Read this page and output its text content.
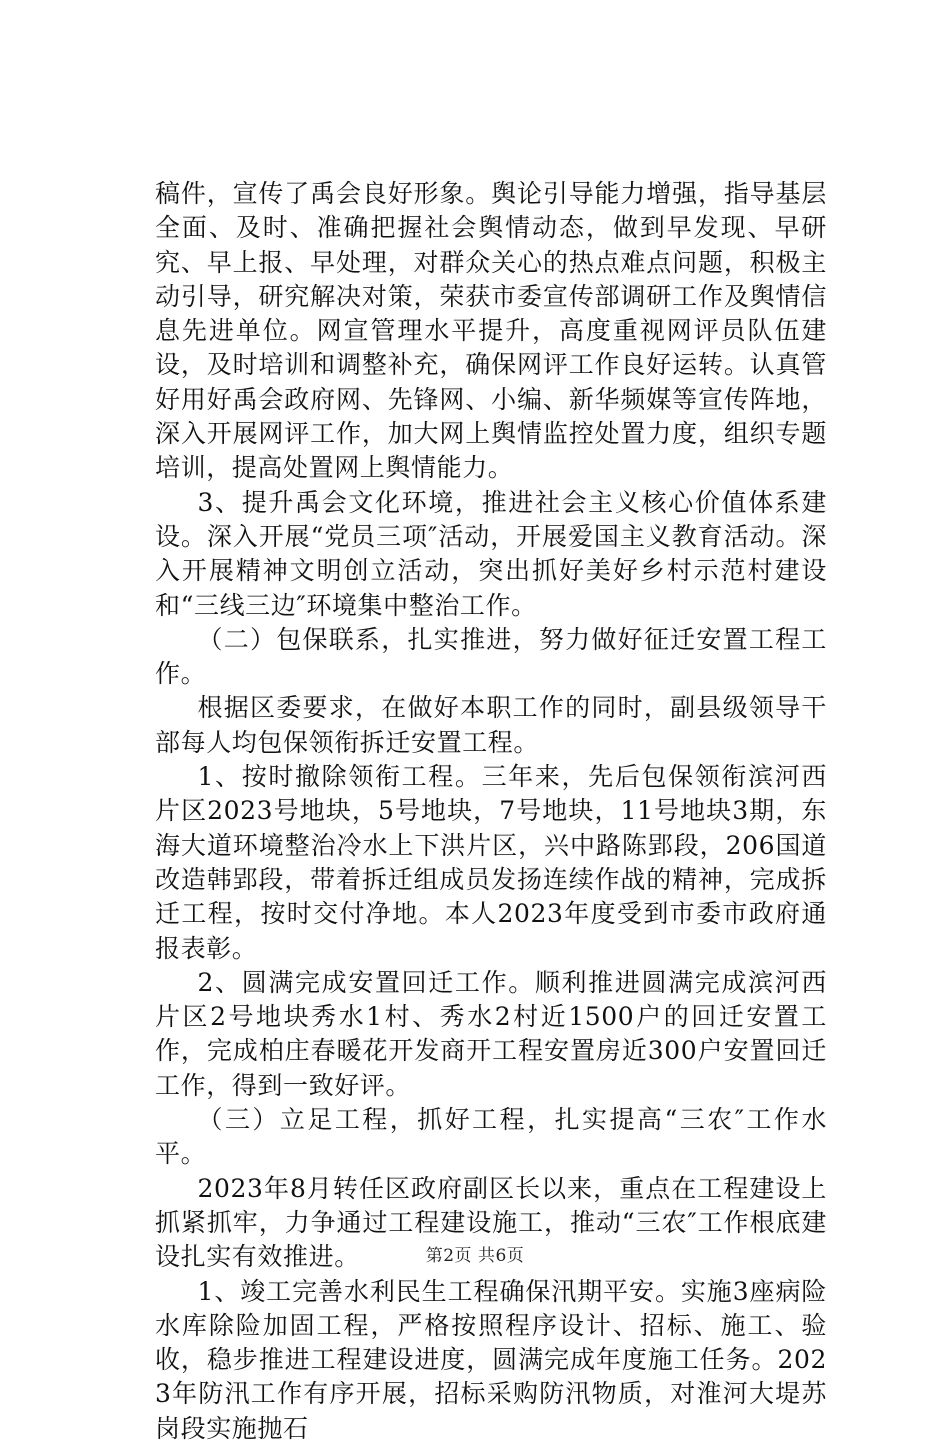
稿件，宣传了禹会良好形象。舆论引导能力增强，指导基层全面、及时、准确把握社会舆情动态，做到早发现、早研究、早上报、早处理，对群众关心的热点难点问题，积极主动引导，研究解决对策，荣获市委宣传部调研工作及舆情信息先进单位。网宣管理水平提升，高度重视网评员队伍建设，及时培训和调整补充，确保网评工作良好运转。认真管好用好禹会政府网、先锋网、小编、新华频媒等宣传阵地，深入开展网评工作，加大网上舆情监控处置力度，组织专题培训，提高处置网上舆情能力。

3、提升禹会文化环境，推进社会主义核心价值体系建设。深入开展“党员三项″活动，开展爱国主义教育活动。深入开展精神文明创立活动，突出抓好美好乡村示范村建设和“三线三边″环境集中整治工作。

（二）包保联系，扎实推进，努力做好征迁安置工程工作。

根据区委要求，在做好本职工作的同时，副县级领导干部每人均包保领衔拆迁安置工程。

1、按时撤除领衔工程。三年来，先后包保领衔滨河西片区2023号地块，5号地块，7号地块，11号地块3期，东海大道环境整治冷水上下洪片区，兴中路陈郢段，206国道改造韩郢段，带着拆迁组成员发扬连续作战的精神，完成拆迁工程，按时交付净地。本人2023年度受到市委市政府通报表彰。

2、圆满完成安置回迁工作。顺利推进圆满完成滨河西片区2号地块秀水1村、秀水2村近1500户的回迁安置工作，完成柏庄春暖花开发商开工程安置房近300户安置回迁工作，得到一致好评。

（三）立足工程，抓好工程，扎实提高“三农″工作水平。

2023年8月转任区政府副区长以来，重点在工程建设上抓紧抓牢，力争通过工程建设施工，推动“三农″工作根底建设扎实有效推进。

1、竣工完善水利民生工程确保汛期平安。实施3座病险水库除险加固工程，严格按照程序设计、招标、施工、验收，稳步推进工程建设进度，圆满完成年度施工任务。2023年防汛工作有序开展，招标采购防汛物质，对淮河大堤苏岗段实施抛石

第2页 共6页
